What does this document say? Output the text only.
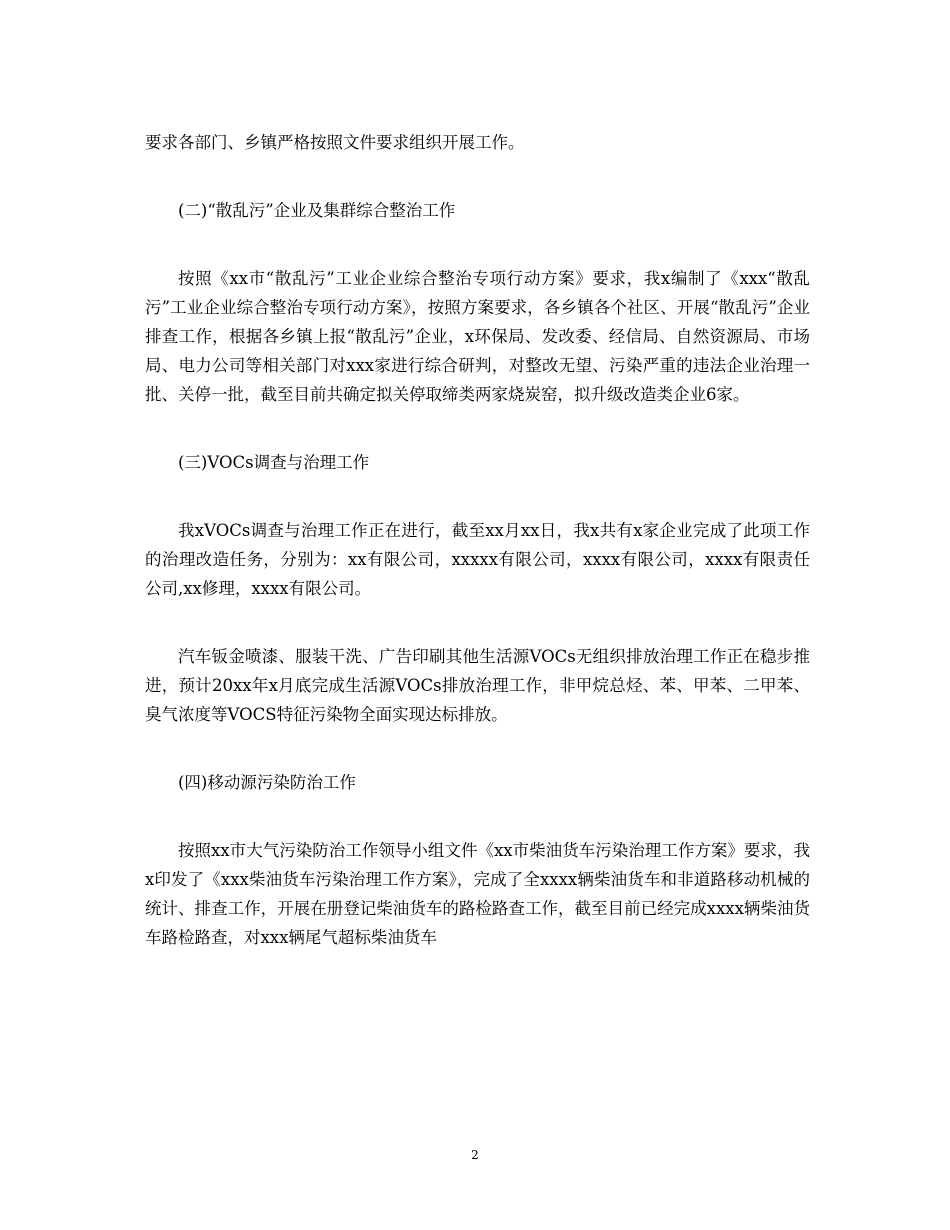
要求各部门、乡镇严格按照文件要求组织开展工作。

(二)“散乱污”企业及集群综合整治工作

按照《xx市“散乱污”工业企业综合整治专项行动方案》要求，我x编制了《xxx“散乱污”工业企业综合整治专项行动方案》，按照方案要求，各乡镇各个社区、开展“散乱污”企业排查工作，根据各乡镇上报“散乱污”企业，x环保局、发改委、经信局、自然资源局、市场局、电力公司等相关部门对xxx家进行综合研判，对整改无望、污染严重的违法企业治理一批、关停一批，截至目前共确定拟关停取缔类两家烧炭窑，拟升级改造类企业6家。

(三)VOCs调查与治理工作

我xVOCs调查与治理工作正在进行，截至xx月xx日，我x共有x家企业完成了此项工作的治理改造任务，分别为：xx有限公司，xxxxx有限公司，xxxx有限公司，xxxx有限责任公司,xx修理，xxxx有限公司。

汽车钣金喷漆、服装干洗、广告印刷其他生活源VOCs无组织排放治理工作正在稳步推进，预计20xx年x月底完成生活源VOCs排放治理工作，非甲烷总烃、苯、甲苯、二甲苯、臭气浓度等VOCS特征污染物全面实现达标排放。

(四)移动源污染防治工作

按照xx市大气污染防治工作领导小组文件《xx市柴油货车污染治理工作方案》要求，我x印发了《xxx柴油货车污染治理工作方案》，完成了全xxxx辆柴油货车和非道路移动机械的统计、排查工作，开展在册登记柴油货车的路检路查工作，截至目前已经完成xxxx辆柴油货车路检路查，对xxx辆尾气超标柴油货车

2
